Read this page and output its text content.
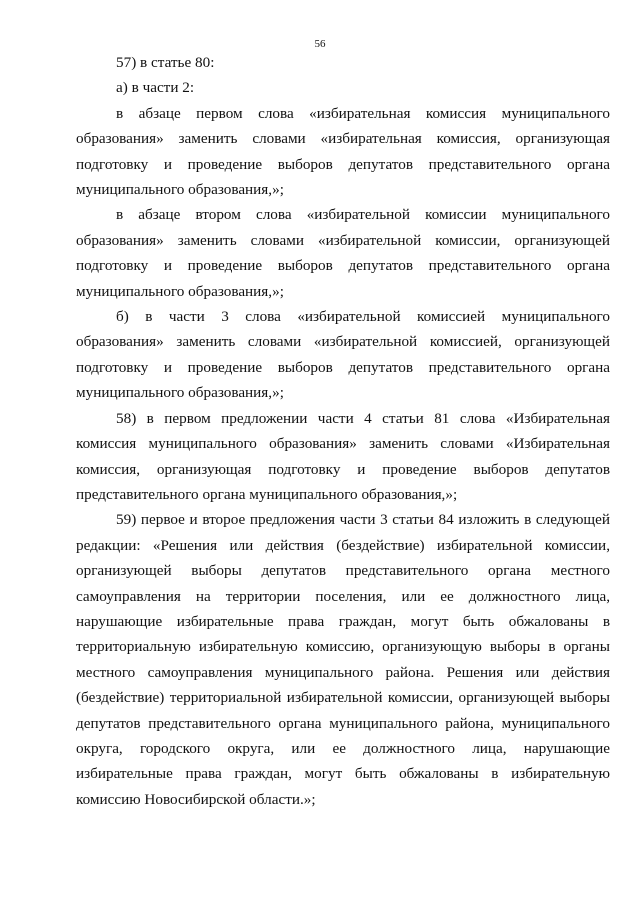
56

57) в статье 80:

а) в части 2:

в абзаце первом слова «избирательная комиссия муниципального образования» заменить словами «избирательная комиссия, организующая подготовку и проведение выборов депутатов представительного органа муниципального образования,»;

в абзаце втором слова «избирательной комиссии муниципального образования» заменить словами «избирательной комиссии, организующей подготовку и проведение выборов депутатов представительного органа муниципального образования,»;

б) в части 3 слова «избирательной комиссией муниципального образования» заменить словами «избирательной комиссией, организующей подготовку и проведение выборов депутатов представительного органа муниципального образования,»;

58) в первом предложении части 4 статьи 81 слова «Избирательная комиссия муниципального образования» заменить словами «Избирательная комиссия, организующая подготовку и проведение выборов депутатов представительного органа муниципального образования,»;

59) первое и второе предложения части 3 статьи 84 изложить в следующей редакции: «Решения или действия (бездействие) избирательной комиссии, организующей выборы депутатов представительного органа местного самоуправления на территории поселения, или ее должностного лица, нарушающие избирательные права граждан, могут быть обжалованы в территориальную избирательную комиссию, организующую выборы в органы местного самоуправления муниципального района. Решения или действия (бездействие) территориальной избирательной комиссии, организующей выборы депутатов представительного органа муниципального района, муниципального округа, городского округа, или ее должностного лица, нарушающие избирательные права граждан, могут быть обжалованы в избирательную комиссию Новосибирской области.»;
